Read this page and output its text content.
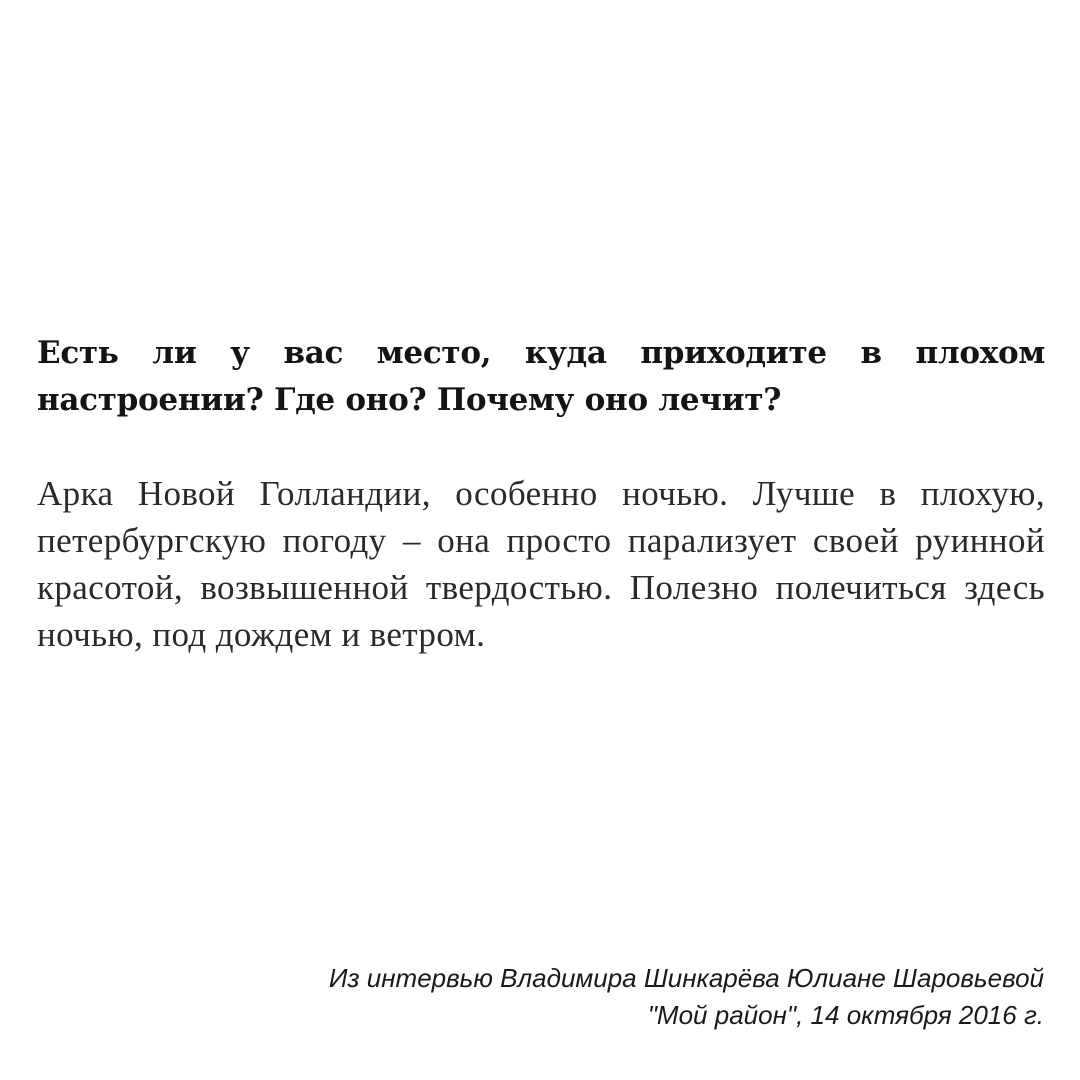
Есть ли у вас место, куда приходите в плохом настроении? Где оно? Почему оно лечит?

Арка Новой Голландии, особенно ночью. Лучше в плохую, петербургскую погоду – она просто парализует своей руинной красотой, возвышенной твердостью. Полезно полечиться здесь ночью, под дождем и ветром.

Из интервью Владимира Шинкарёва Юлиане Шаровьевой
"Мой район", 14 октября 2016 г.
